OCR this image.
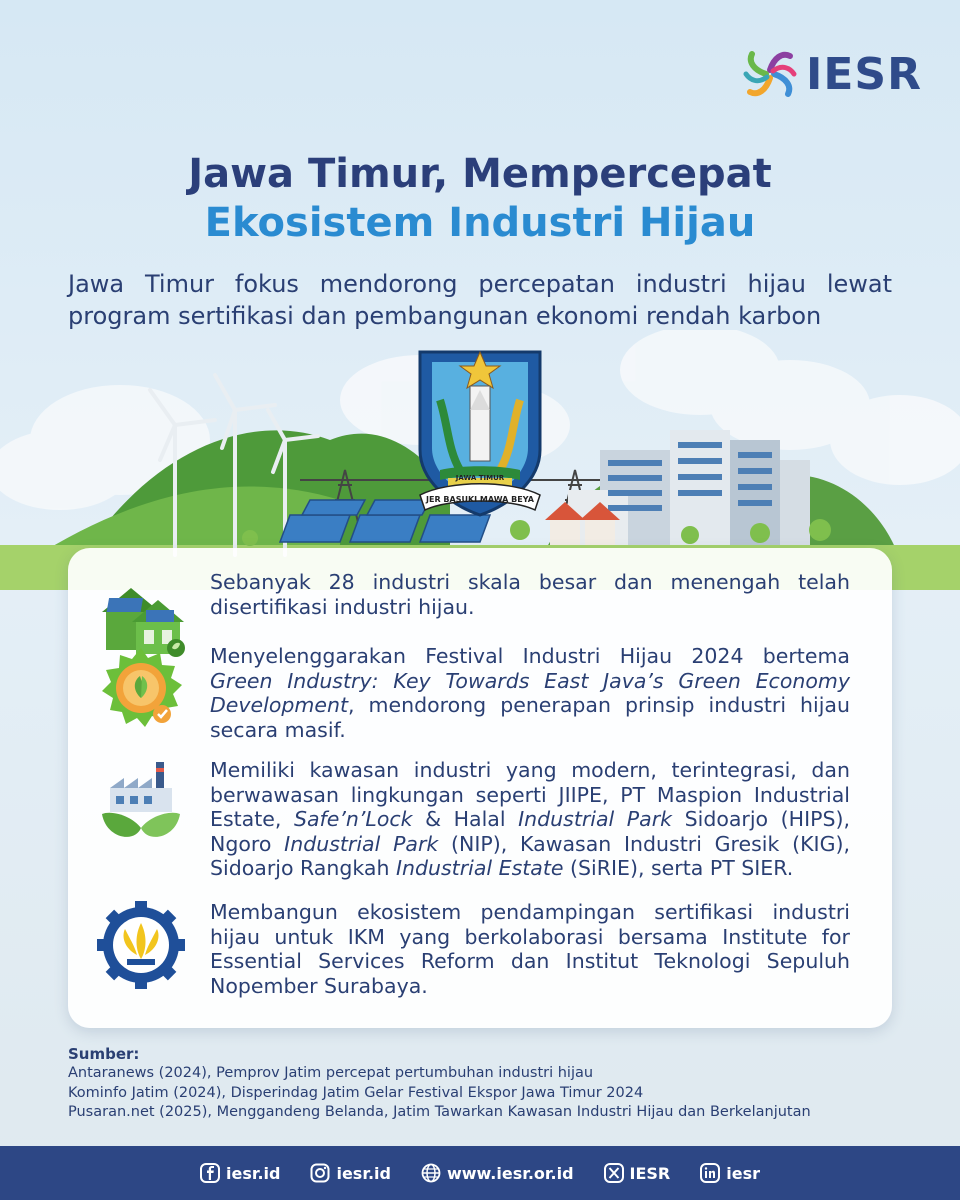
IESR
Jawa Timur, Mempercepat
Ekosistem Industri Hijau
Jawa Timur fokus mendorong percepatan industri hijau lewat program sertifikasi dan pembangunan ekonomi rendah karbon
JAWA TIMUR
JER BASUKI MAWA BEYA
Sebanyak 28 industri skala besar dan menengah telah disertifikasi industri hijau.
Menyelenggarakan Festival Industri Hijau 2024 bertema Green Industry: Key Towards East Java’s Green Economy Development, mendorong penerapan prinsip industri hijau secara masif.
Memiliki kawasan industri yang modern, terintegrasi, dan berwawasan lingkungan seperti JIIPE, PT Maspion Industrial Estate, Safe’n’Lock & Halal Industrial Park Sidoarjo (HIPS), Ngoro Industrial Park (NIP), Kawasan Industri Gresik (KIG), Sidoarjo Rangkah Industrial Estate (SiRIE), serta PT SIER.
Membangun ekosistem pendampingan sertifikasi industri hijau untuk IKM yang berkolaborasi bersama Institute for Essential Services Reform dan Institut Teknologi Sepuluh Nopember Surabaya.
Sumber:
Antaranews (2024), Pemprov Jatim percepat pertumbuhan industri hijau
Kominfo Jatim (2024), Disperindag Jatim Gelar Festival Ekspor Jawa Timur 2024
Pusaran.net (2025), Menggandeng Belanda, Jatim Tawarkan Kawasan Industri Hijau dan Berkelanjutan
iesr.id	iesr.id	www.iesr.or.id	IESR	iesr
